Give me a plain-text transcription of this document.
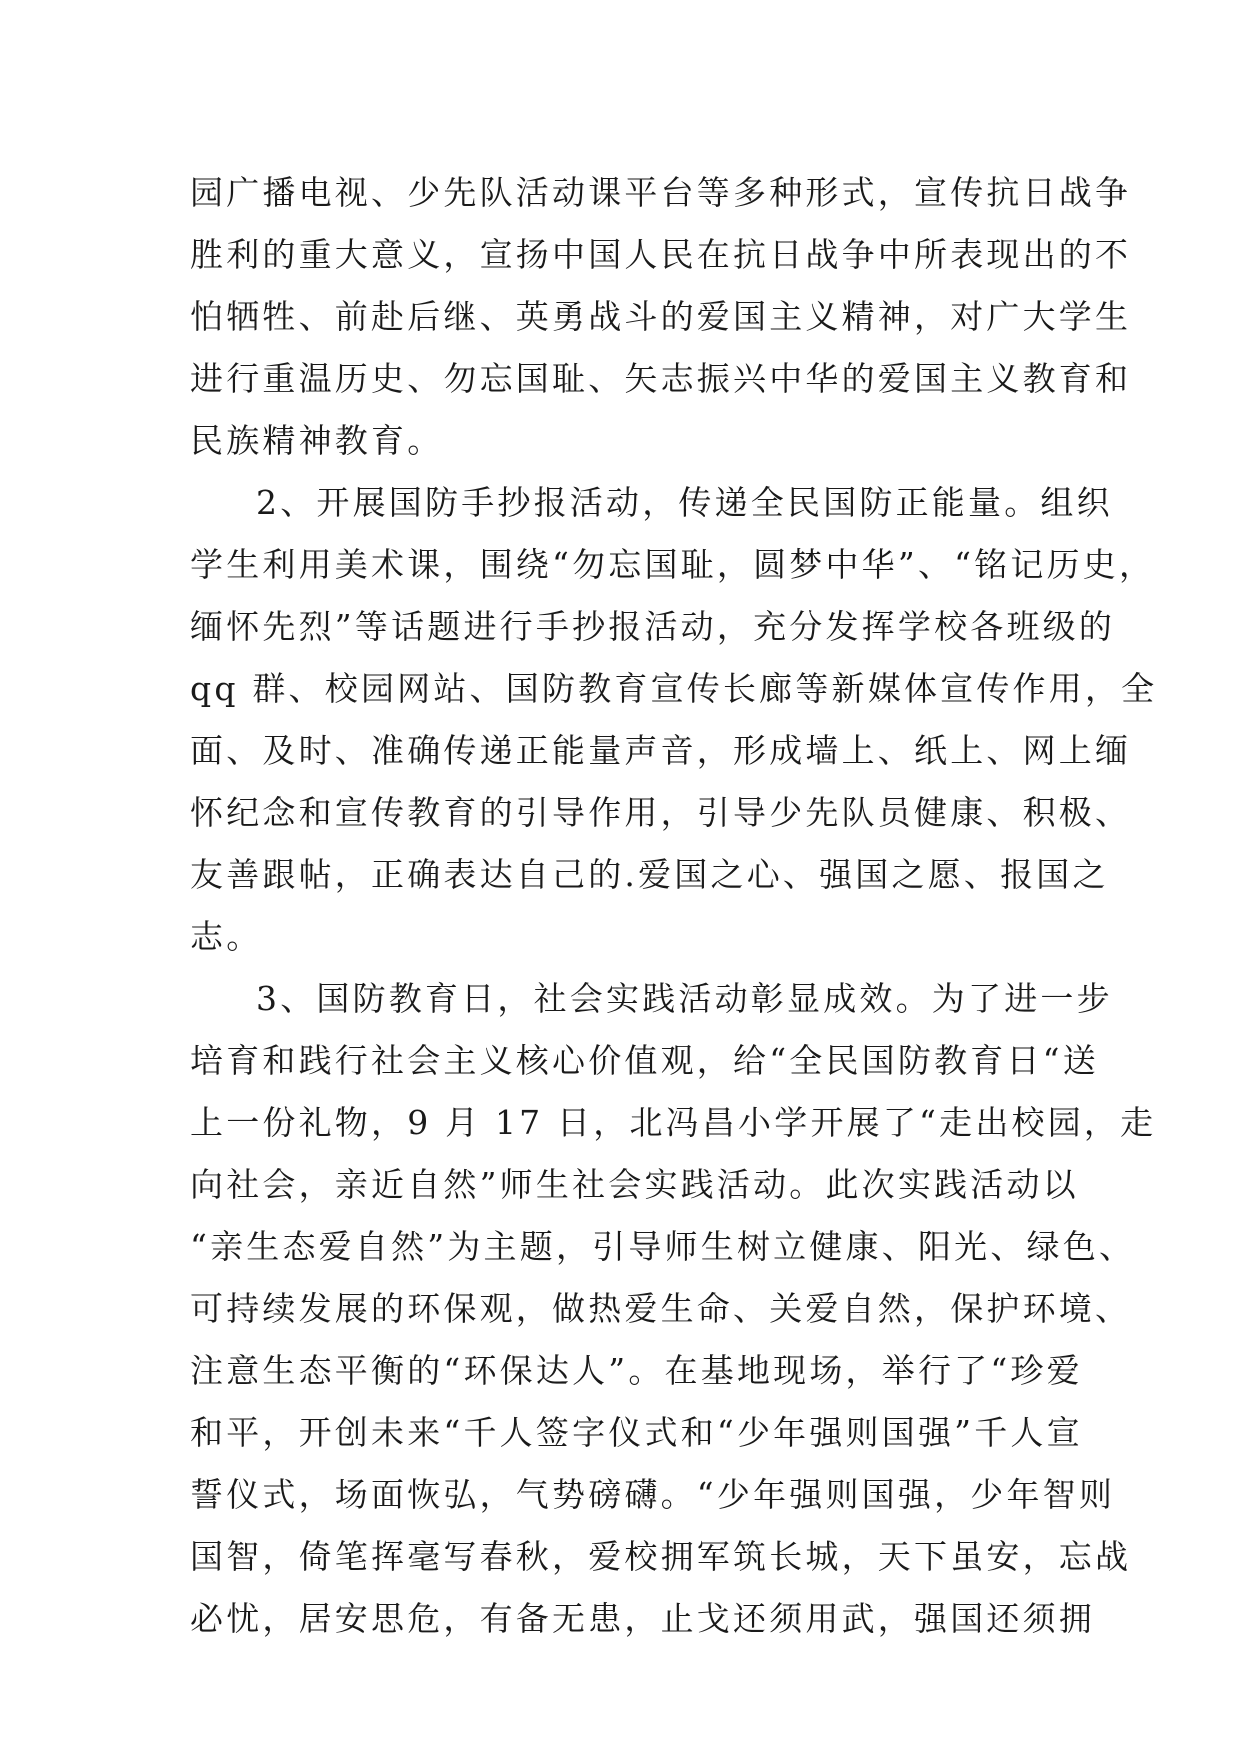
园广播电视、少先队活动课平台等多种形式，宣传抗日战争
胜利的重大意义，宣扬中国人民在抗日战争中所表现出的不
怕牺牲、前赴后继、英勇战斗的爱国主义精神，对广大学生
进行重温历史、勿忘国耻、矢志振兴中华的爱国主义教育和
民族精神教育。
2、开展国防手抄报活动，传递全民国防正能量。组织
学生利用美术课，围绕“勿忘国耻，圆梦中华”、“铭记历史，
缅怀先烈”等话题进行手抄报活动，充分发挥学校各班级的
qq 群、校园网站、国防教育宣传长廊等新媒体宣传作用，全
面、及时、准确传递正能量声音，形成墙上、纸上、网上缅
怀纪念和宣传教育的引导作用，引导少先队员健康、积极、
友善跟帖，正确表达自己的.爱国之心、强国之愿、报国之
志。
3、国防教育日，社会实践活动彰显成效。为了进一步
培育和践行社会主义核心价值观，给“全民国防教育日“送
上一份礼物，9 月 17 日，北冯昌小学开展了“走出校园，走
向社会，亲近自然”师生社会实践活动。此次实践活动以
“亲生态爱自然”为主题，引导师生树立健康、阳光、绿色、
可持续发展的环保观，做热爱生命、关爱自然，保护环境、
注意生态平衡的“环保达人”。在基地现场，举行了“珍爱
和平，开创未来“千人签字仪式和“少年强则国强”千人宣
誓仪式，场面恢弘，气势磅礴。“少年强则国强，少年智则
国智，倚笔挥毫写春秋，爱校拥军筑长城，天下虽安，忘战
必忧，居安思危，有备无患，止戈还须用武，强国还须拥
